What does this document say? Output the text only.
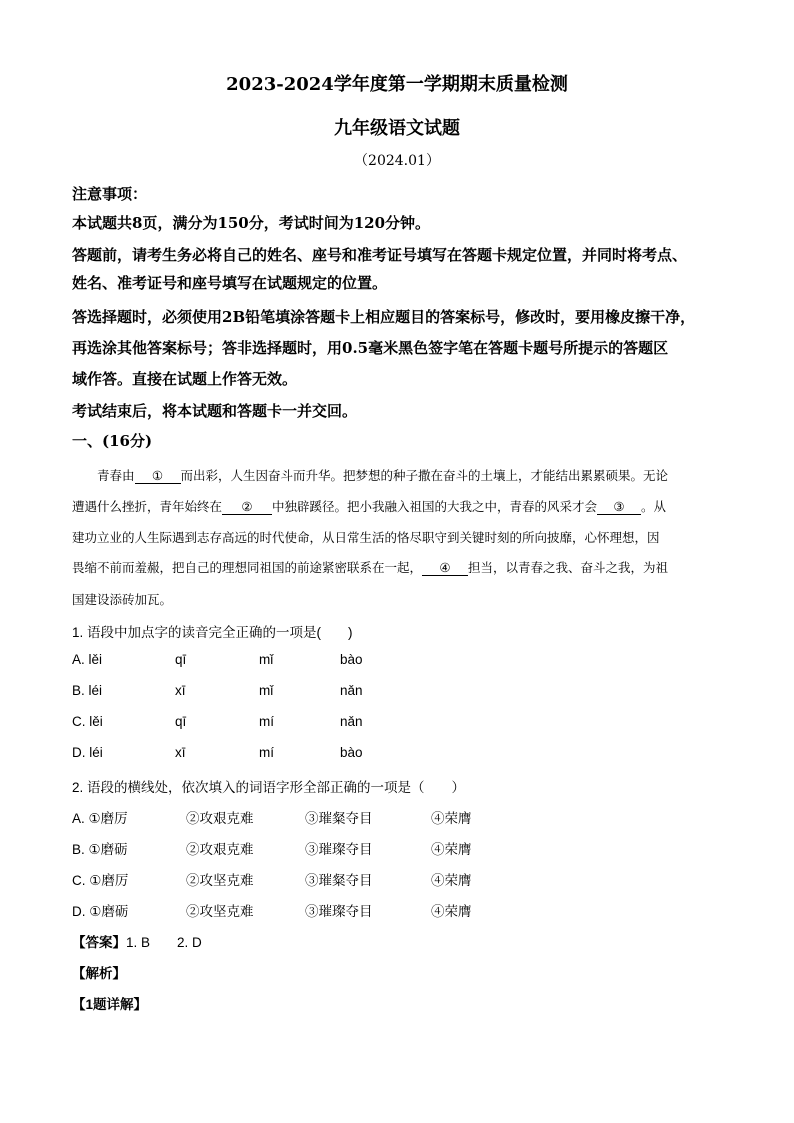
2023-2024学年度第一学期期末质量检测
九年级语文试题
（2024.01）
注意事项：
本试题共8页，满分为150分，考试时间为120分钟。
答题前，请考生务必将自己的姓名、座号和准考证号填写在答题卡规定位置，并同时将考点、
姓名、准考证号和座号填写在试题规定的位置。
答选择题时，必须使用2B铅笔填涂答题卡上相应题目的答案标号，修改时，要用橡皮擦干净，
再选涂其他答案标号；答非选择题时，用0.5毫米黑色签字笔在答题卡题号所提示的答题区
域作答。直接在试题上作答无效。
考试结束后，将本试题和答题卡一并交回。
一、(16分)
青春由 ① 而出彩，人生因奋斗而升华。把梦想的种子撒在奋斗的土壤上，才能结出累累硕果。无论
遭遇什么挫折，青年始终在 ② 中独辟蹊径。把小我融入祖国的大我之中，青春的风采才会 ③ 。从
建功立业的人生际遇到志存高远的时代使命，从日常生活的恪尽职守到关键时刻的所向披靡，心怀理想，因
畏缩不前而羞赧，把自己的理想同祖国的前途紧密联系在一起， ④ 担当，以青春之我、奋斗之我，为祖
国建设添砖加瓦。
1. 语段中加点字的读音完全正确的一项是(　　)
A. lěi	qī	mǐ	bào
B. léi	xī	mǐ	nǎn
C. lěi	qī	mí	nǎn
D. léi	xī	mí	bào
2. 语段的横线处，依次填入的词语字形全部正确的一项是（　　）
A. ①磨厉	②攻艰克难	③璀粲夺目	④荣膺
B. ①磨砺	②攻艰克难	③璀璨夺目	④荣膺
C. ①磨厉	②攻坚克难	③璀粲夺目	④荣膺
D. ①磨砺	②攻坚克难	③璀璨夺目	④荣膺
【答案】1. B　　2. D
【解析】
【1题详解】
